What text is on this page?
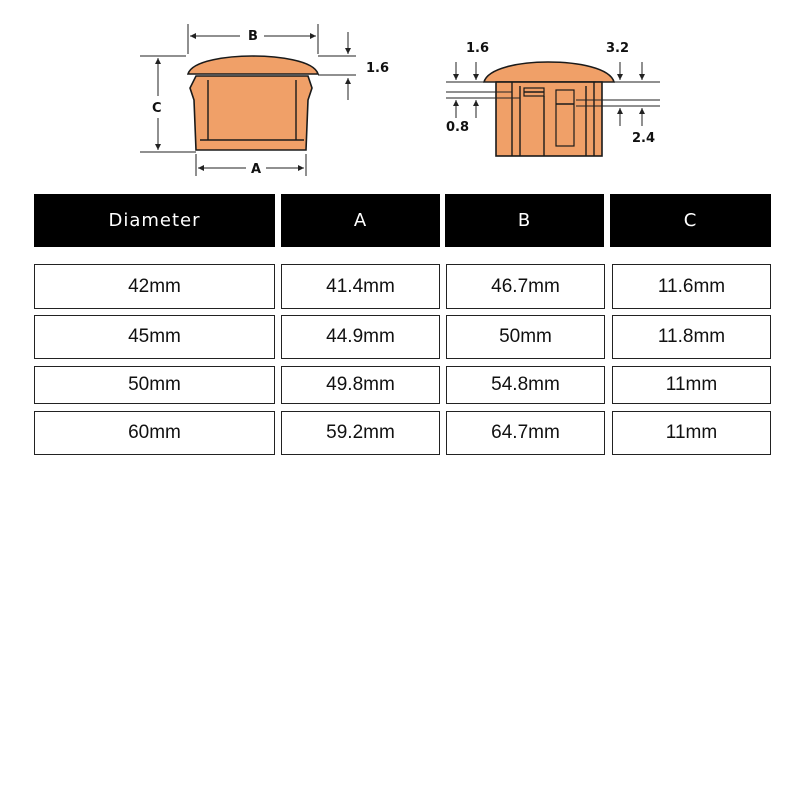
B
1.6
C
A
1.6
0.8
3.2
2.4
Diameter	A	B	C
42mm	41.4mm	46.7mm	11.6mm
45mm	44.9mm	50mm	11.8mm
50mm	49.8mm	54.8mm	11mm
60mm	59.2mm	64.7mm	11mm
